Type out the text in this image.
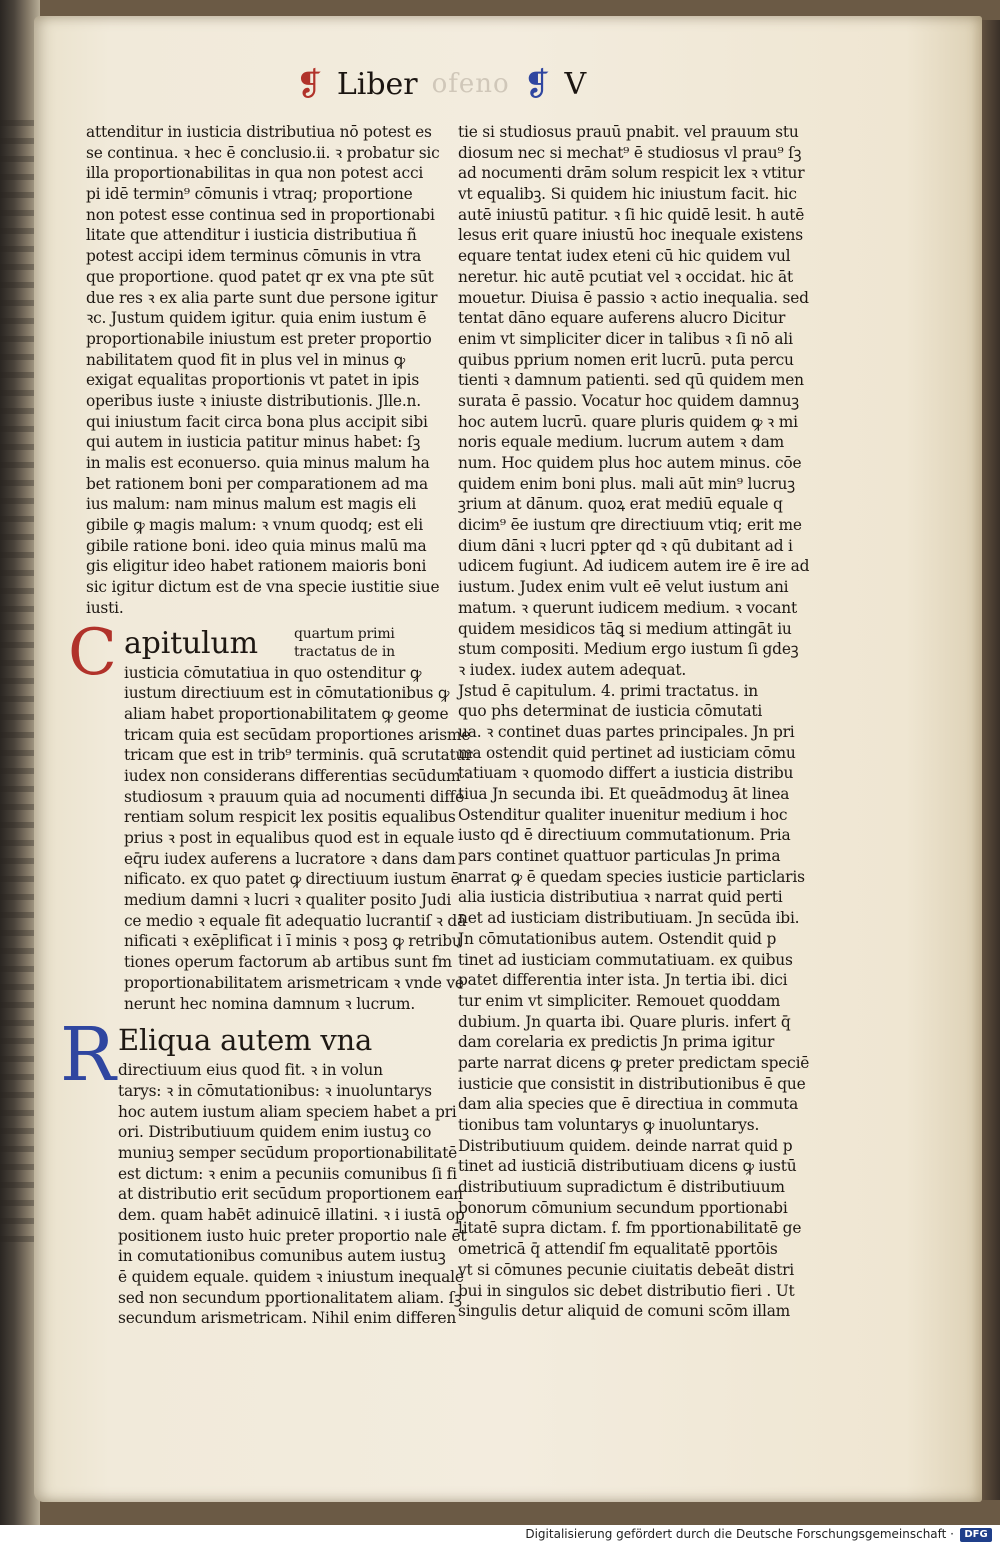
❡ Liber ofeno ❡ V
attenditur in iusticia distributiua nō potest es
se continua. ꝛ hec ē conclusio.ii. ꝛ probatur sic
illa proportionabilitas in qua non potest acci
pi idē termin⁹ cōmunis i vtraq; proportione
non potest esse continua sed in proportionabi
litate que attenditur i iusticia distributiua ñ
potest accipi idem terminus cōmunis in vtra
que proportione. quod patet qr ex vna pte sūt
due res ꝛ ex alia parte sunt due persone igitur
ꝛc. Justum quidem igitur. quia enim iustum ē
proportionabile iniustum est preter proportio
nabilitatem quod fit in plus vel in minus ꝙ
exigat equalitas proportionis vt patet in ipis
operibus iuste ꝛ iniuste distributionis. Jlle.n.
qui iniustum facit circa bona plus accipit sibi
qui autem in iusticia patitur minus habet: ſꝫ
in malis est econuerso. quia minus malum ha
bet rationem boni per comparationem ad ma
ius malum: nam minus malum est magis eli
gibile ꝙ magis malum: ꝛ vnum quodq; est eli
gibile ratione boni. ideo quia minus malū ma
gis eligitur ideo habet rationem maioris boni
sic igitur dictum est de vna specie iustitie siue
iusti.
C apitulum	quartum primi tractatus de in
iusticia cōmutatiua in quo ostenditur ꝙ
iustum directiuum est in cōmutationibus ꝙ
aliam habet proportionabilitatem ꝙ geome
tricam quia est secūdam proportiones arisme
tricam que est in trib⁹ terminis. quā scrutatur
iudex non considerans differentias secūdum
studiosum ꝛ prauum quia ad nocumenti diffe
rentiam solum respicit lex positis equalibus
prius ꝛ post in equalibus quod est in equale
eq̄ru iudex auferens a lucratore ꝛ dans dam
nificato. ex quo patet ꝙ directiuum iustum ē
medium damni ꝛ lucri ꝛ qualiter posito Judi
ce medio ꝛ equale fit adequatio lucrantiſ ꝛ dā
nificati ꝛ exēplificat i ī minis ꝛ posꝫ ꝙ retribu
tiones operum factorum ab artibus sunt fm
proportionabilitatem arismetricam ꝛ vnde ve
nerunt hec nomina damnum ꝛ lucrum.
R Eliqua autem vna
directiuum eius quod fit. ꝛ in volun
tarys: ꝛ in cōmutationibus: ꝛ inuoluntarys
hoc autem iustum aliam speciem habet a pri
ori. Distributiuum quidem enim iustuꝫ co
muniuꝫ semper secūdum proportionabilitatē
est dictum: ꝛ enim a pecuniis comunibus ſi fi
at distributio erit secūdum proportionem ean
dem. quam habēt adinuicē illatini. ꝛ i iustā op
positionem iusto huic preter proportio nale ēt
in comutationibus comunibus autem iustuꝫ
ē quidem equale. quidem ꝛ iniustum inequale
sed non secundum pportionalitatem aliam. ſꝫ
secundum arismetricam. Nihil enim differen
tie si studiosus prauū pnabit. vel prauum stu
diosum nec si mechat⁹ ē studiosus vl prau⁹ ſꝫ
ad nocumenti drām solum respicit lex ꝛ vtitur
vt equalibꝫ. Si quidem hic iniustum facit. hic
autē iniustū patitur. ꝛ ſi hic quidē lesit. h autē
lesus erit quare iniustū hoc inequale existens
equare tentat iudex eteni cū hic quidem vul
neretur. hic autē pcutiat vel ꝛ occidat. hic āt
mouetur. Diuisa ē passio ꝛ actio inequalia. sed
tentat dāno equare auferens alucro Dicitur
enim vt simpliciter dicer in talibus ꝛ ſi nō ali
quibus pprium nomen erit lucrū. puta percu
tienti ꝛ damnum patienti. sed qū quidem men
surata ē passio. Vocatur hoc quidem damnuꝫ
hoc autem lucrū. quare pluris quidem ꝙ ꝛ mi
noris equale medium. lucrum autem ꝛ dam
num. Hoc quidem plus hoc autem minus. cōe
quidem enim boni plus. mali aūt min⁹ lucruꝫ
ꝫrium at dānum. quoꝝ erat mediū equale q
dicim⁹ ēe iustum qre directiuum vtiq; erit me
dium dāni ꝛ lucri pꝑter qd ꝛ qū dubitant ad i
udicem fugiunt. Ad iudicem autem ire ē ire ad
iustum. Judex enim vult eē velut iustum ani
matum. ꝛ querunt iudicem medium. ꝛ vocant
quidem mesidicos tāꝗ si medium attingāt iu
stum compositi. Medium ergo iustum ſi gdeꝫ
ꝛ iudex. iudex autem adequat.
Jstud ē capitulum. 4. primi tractatus. in
quo phs determinat de iusticia cōmutati
ua. ꝛ continet duas partes principales. Jn pri
ma ostendit quid pertinet ad iusticiam cōmu
tatiuam ꝛ quomodo differt a iusticia distribu
tiua Jn secunda ibi. Et queādmoduꝫ āt linea
Ostenditur qualiter inuenitur medium i hoc
iusto qd ē directiuum commutationum. Pria
pars continet quattuor particulas Jn prima
narrat ꝙ ē quedam species iusticie particlaris
alia iusticia distributiua ꝛ narrat quid perti
net ad iusticiam distributiuam. Jn secūda ibi.
Jn cōmutationibus autem. Ostendit quid p
tinet ad iusticiam commutatiuam. ex quibus
patet differentia inter ista. Jn tertia ibi. dici
tur enim vt simpliciter. Remouet quoddam
dubium. Jn quarta ibi. Quare pluris. infert q̄
dam corelaria ex predictis Jn prima igitur
parte narrat dicens ꝙ preter predictam speciē
iusticie que consistit in distributionibus ē que
dam alia species que ē directiua in commuta
tionibus tam voluntarys ꝙ inuoluntarys.
Distributiuum quidem. deinde narrat quid p
tinet ad iusticiā distributiuam dicens ꝙ iustū
distributiuum supradictum ē distributiuum
bonorum cōmunium secundum pportionabi
litatē supra dictam. f. fm pportionabilitatē ge
ometricā q̄ attendiſ fm equalitatē pportōis
vt si cōmunes pecunie ciuitatis debeāt distri
bui in singulos sic debet distributio fieri . Ut
singulis detur aliquid de comuni scōm illam
Digitalisierung gefördert durch die Deutsche Forschungsgemeinschaft ·	DFG
